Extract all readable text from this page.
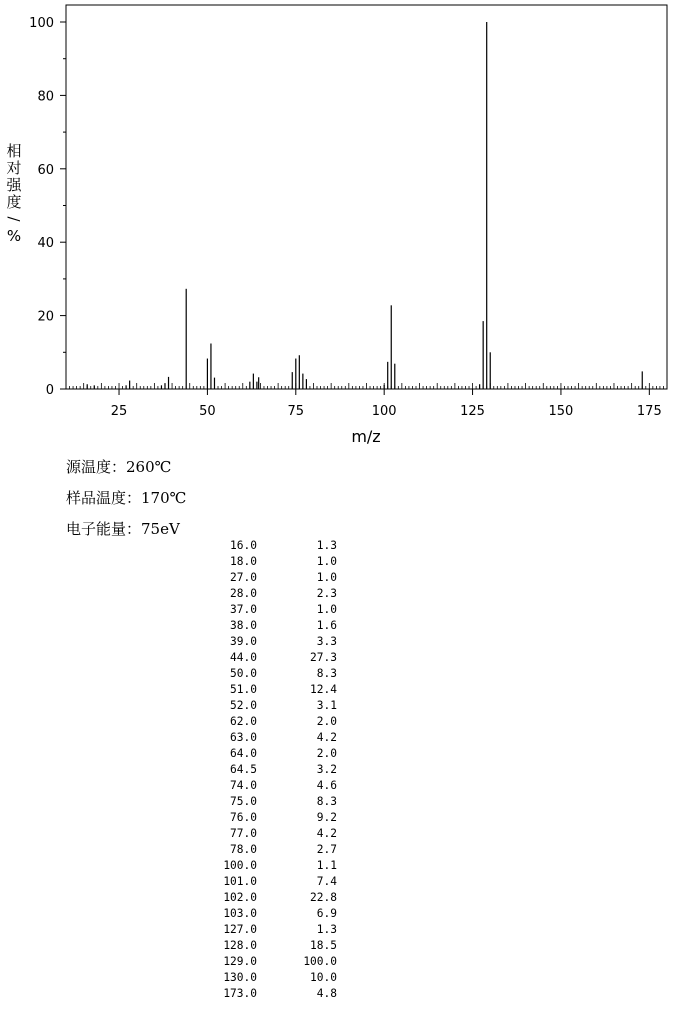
25	50	75	100	125	150	175
0
20
40
60
80
100
m/z
相
对
强
度
/
%
源温度：260℃
样品温度：170℃
电子能量：75eV
16.0	1.3
18.0	1.0
27.0	1.0
28.0	2.3
37.0	1.0
38.0	1.6
39.0	3.3
44.0	27.3
50.0	8.3
51.0	12.4
52.0	3.1
62.0	2.0
63.0	4.2
64.0	2.0
64.5	3.2
74.0	4.6
75.0	8.3
76.0	9.2
77.0	4.2
78.0	2.7
100.0	1.1
101.0	7.4
102.0	22.8
103.0	6.9
127.0	1.3
128.0	18.5
129.0	100.0
130.0	10.0
173.0	4.8
